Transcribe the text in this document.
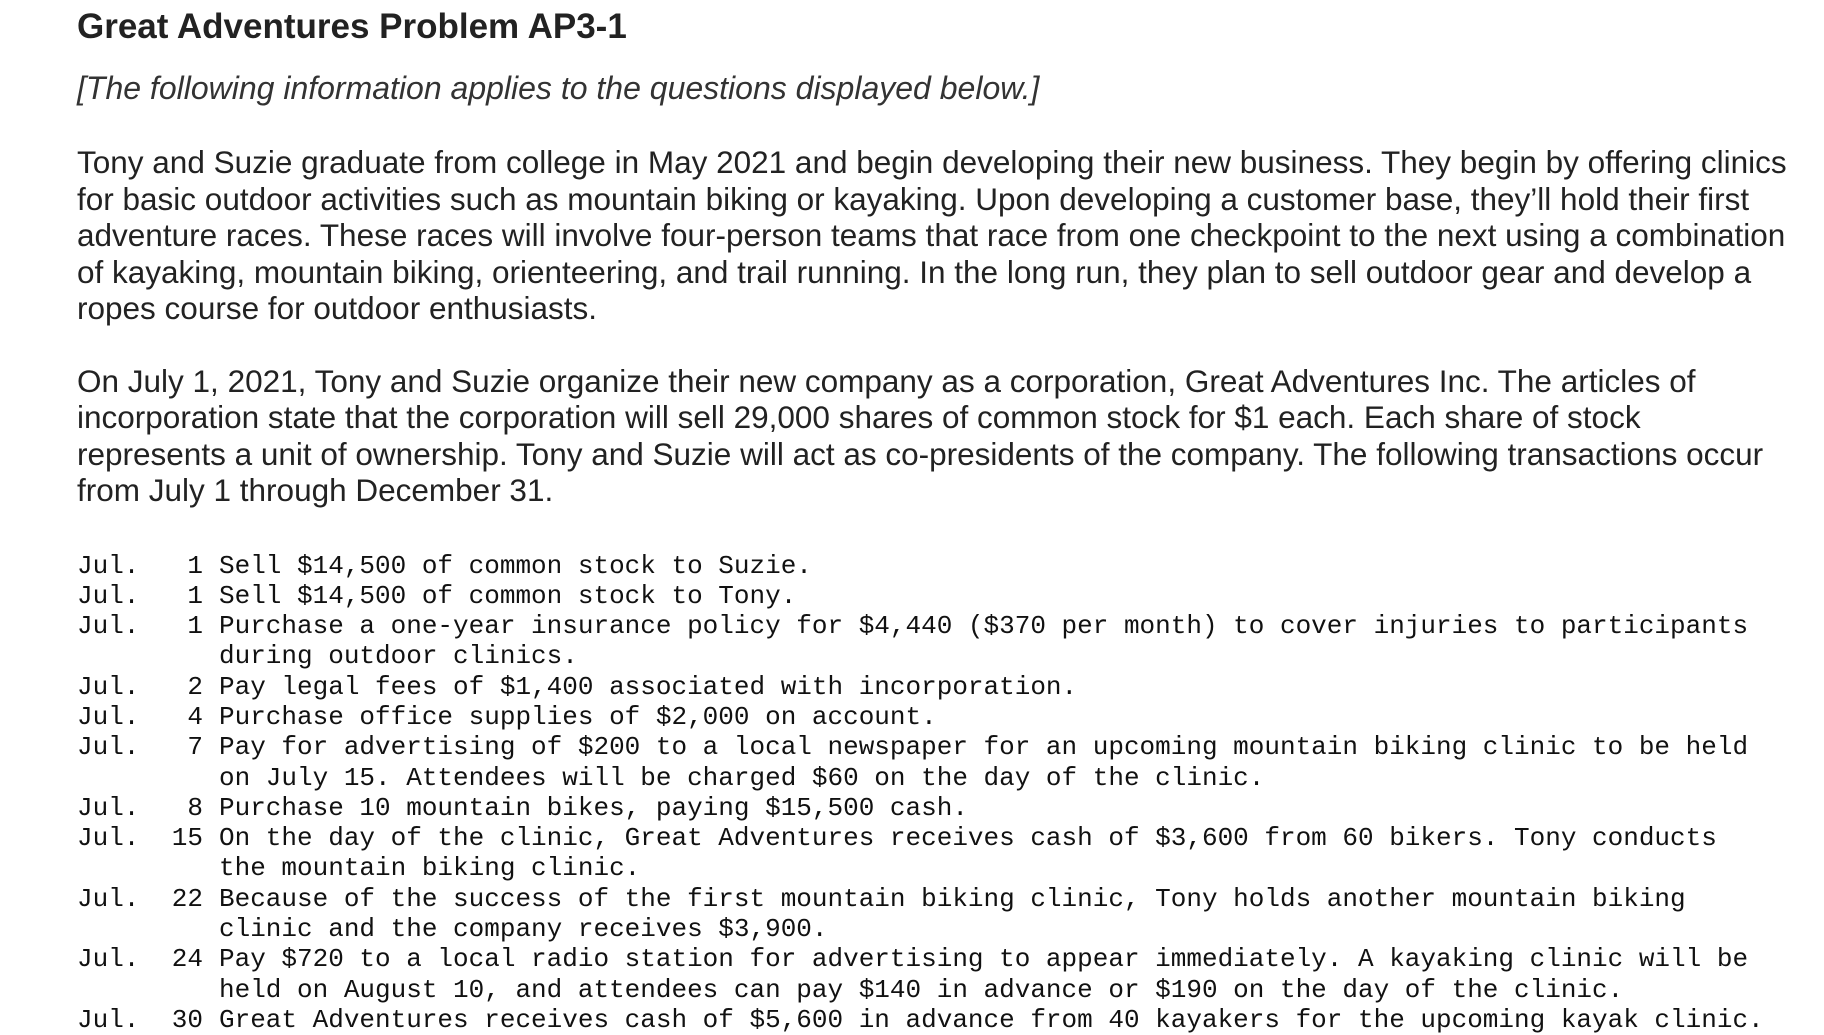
Great Adventures Problem AP3-1

[The following information applies to the questions displayed below.]

Tony and Suzie graduate from college in May 2021 and begin developing their new business. They begin by offering clinics for basic outdoor activities such as mountain biking or kayaking. Upon developing a customer base, they’ll hold their first adventure races. These races will involve four-person teams that race from one checkpoint to the next using a combination of kayaking, mountain biking, orienteering, and trail running. In the long run, they plan to sell outdoor gear and develop a ropes course for outdoor enthusiasts.

On July 1, 2021, Tony and Suzie organize their new company as a corporation, Great Adventures Inc. The articles of incorporation state that the corporation will sell 29,000 shares of common stock for $1 each. Each share of stock represents a unit of ownership. Tony and Suzie will act as co-presidents of the company. The following transactions occur from July 1 through December 31.

Jul.	1	Sell $14,500 of common stock to Suzie.
Jul.	1	Sell $14,500 of common stock to Tony.
Jul.	1	Purchase a one-year insurance policy for $4,440 ($370 per month) to cover injuries to participants during outdoor clinics.
Jul.	2	Pay legal fees of $1,400 associated with incorporation.
Jul.	4	Purchase office supplies of $2,000 on account.
Jul.	7	Pay for advertising of $200 to a local newspaper for an upcoming mountain biking clinic to be held on July 15. Attendees will be charged $60 on the day of the clinic.
Jul.	8	Purchase 10 mountain bikes, paying $15,500 cash.
Jul.	15	On the day of the clinic, Great Adventures receives cash of $3,600 from 60 bikers. Tony conducts the mountain biking clinic.
Jul.	22	Because of the success of the first mountain biking clinic, Tony holds another mountain biking clinic and the company receives $3,900.
Jul.	24	Pay $720 to a local radio station for advertising to appear immediately. A kayaking clinic will be held on August 10, and attendees can pay $140 in advance or $190 on the day of the clinic.
Jul.	30	Great Adventures receives cash of $5,600 in advance from 40 kayakers for the upcoming kayak clinic.
